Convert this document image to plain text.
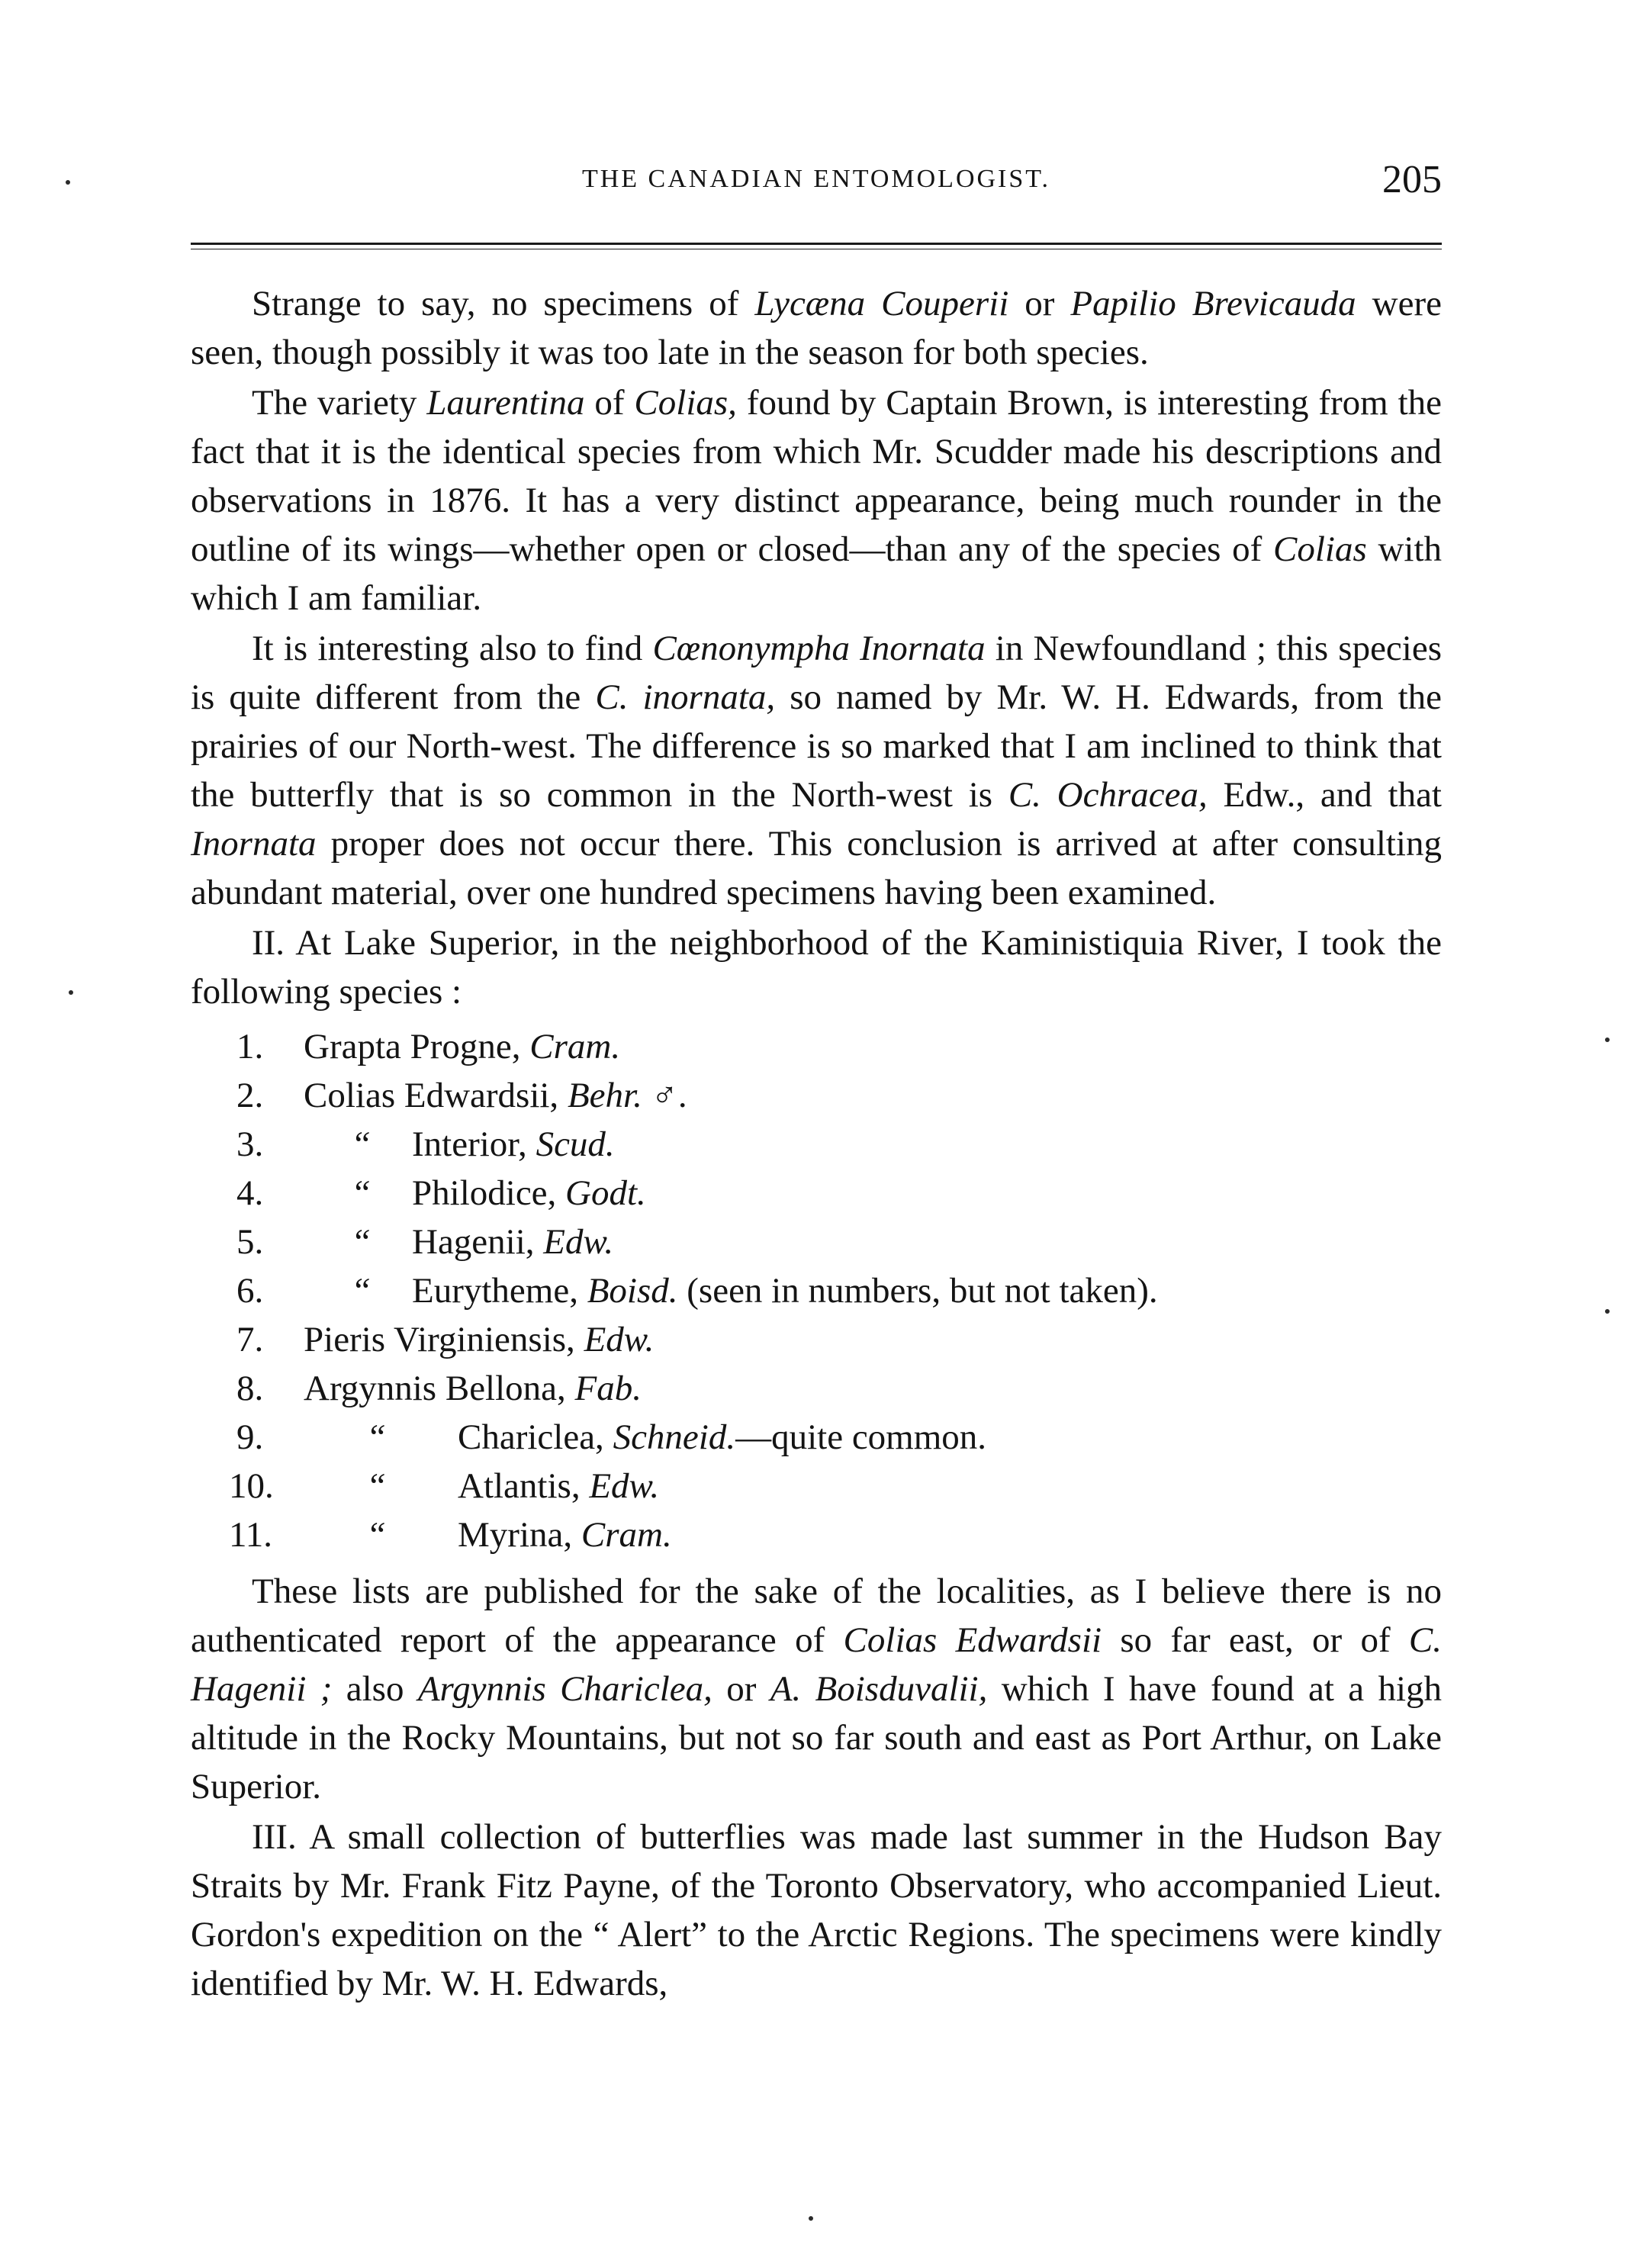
THE CANADIAN ENTOMOLOGIST.	205

Strange to say, no specimens of Lycæna Couperii or Papilio Brevicauda were seen, though possibly it was too late in the season for both species.

The variety Laurentina of Colias, found by Captain Brown, is interesting from the fact that it is the identical species from which Mr. Scudder made his descriptions and observations in 1876. It has a very distinct appearance, being much rounder in the outline of its wings—whether open or closed—than any of the species of Colias with which I am familiar.

It is interesting also to find Cœnonympha Inornata in Newfoundland ; this species is quite different from the C. inornata, so named by Mr. W. H. Edwards, from the prairies of our North-west. The difference is so marked that I am inclined to think that the butterfly that is so common in the North-west is C. Ochracea, Edw., and that Inornata proper does not occur there. This conclusion is arrived at after consulting abundant material, over one hundred specimens having been examined.

II. At Lake Superior, in the neighborhood of the Kaministiquia River, I took the following species :

1. Grapta Progne, Cram.
2. Colias Edwardsii, Behr. ♂.
3. “ Interior, Scud.
4. “ Philodice, Godt.
5. “ Hagenii, Edw.
6. “ Eurytheme, Boisd. (seen in numbers, but not taken).
7. Pieris Virginiensis, Edw.
8. Argynnis Bellona, Fab.
9.	“ Chariclea, Schneid.—quite common.
10.	“ Atlantis, Edw.
11.	“ Myrina, Cram.

These lists are published for the sake of the localities, as I believe there is no authenticated report of the appearance of Colias Edwardsii so far east, or of C. Hagenii ; also Argynnis Chariclea, or A. Boisduvalii, which I have found at a high altitude in the Rocky Mountains, but not so far south and east as Port Arthur, on Lake Superior.

III. A small collection of butterflies was made last summer in the Hudson Bay Straits by Mr. Frank Fitz Payne, of the Toronto Observatory, who accompanied Lieut. Gordon's expedition on the “ Alert” to the Arctic Regions. The specimens were kindly identified by Mr. W. H. Edwards,
